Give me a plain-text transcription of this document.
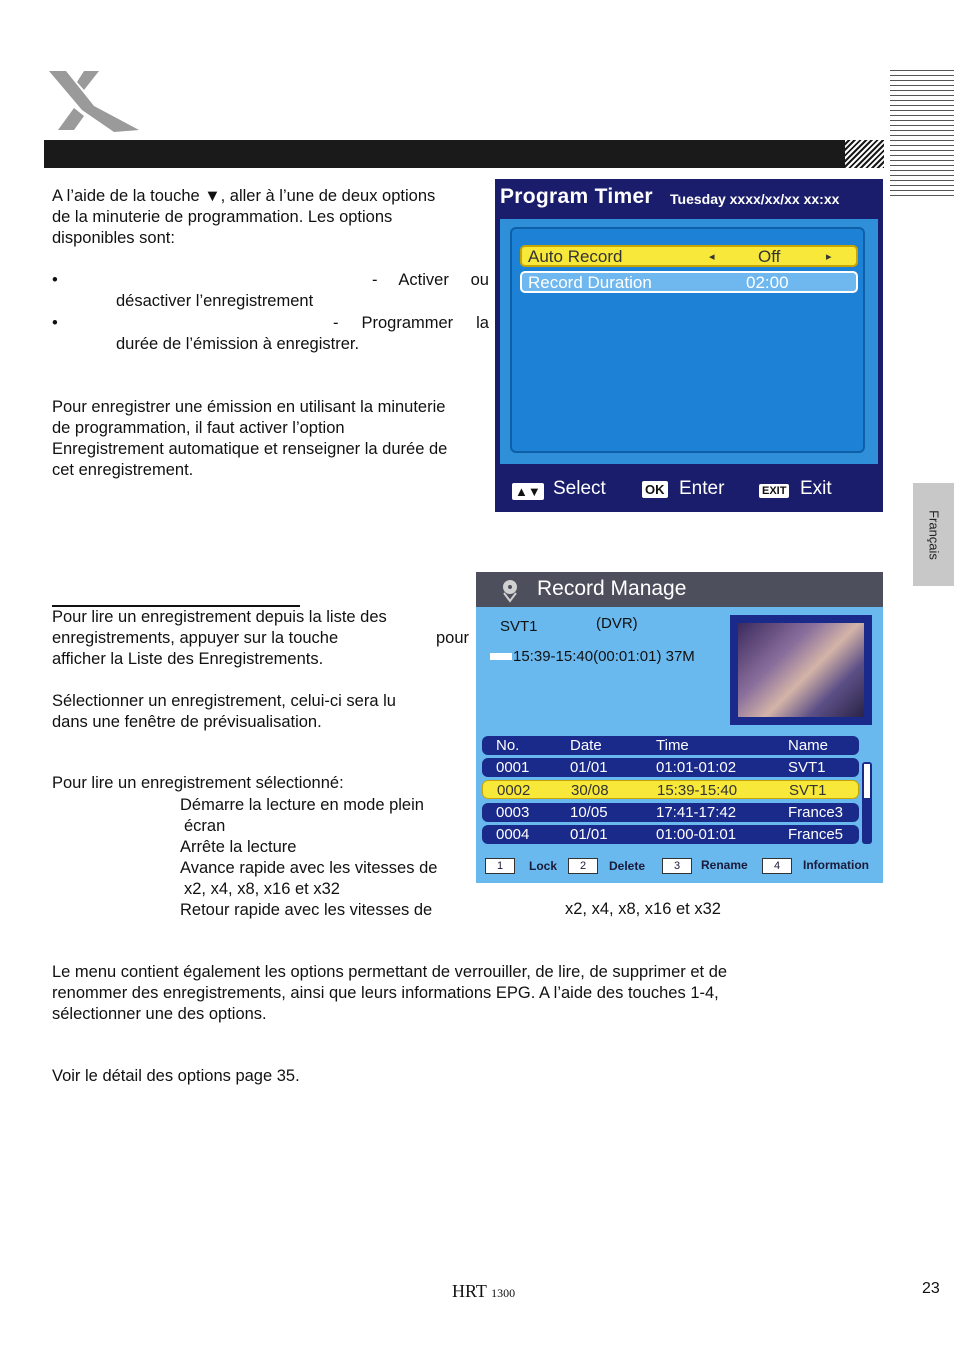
Français

A l’aide de la touche ▼, aller à l’une de deux options

de la minuterie de programmation. Les options

disponibles sont:

•	- Activer ou
désactiver l’enregistrement
•	- Programmer la
durée de l’émission à enregistrer.

Pour enregistrer une émission en utilisant la minuterie

de programmation, il faut activer l’option

Enregistrement automatique et renseigner la durée de

cet enregistrement.

Program Timer Tuesday xxxx/xx/xx xx:xx
Auto Record	◂	Off	▸
Record Duration	02:00
▲▼ Select	OK Enter	EXIT Exit

Pour lire un enregistrement depuis la liste des

enregistrements, appuyer sur la touche	pour

afficher la Liste des Enregistrements.

Sélectionner un enregistrement, celui-ci sera lu

dans une fenêtre de prévisualisation.

Pour lire un enregistrement sélectionné:
Démarre la lecture en mode plein
écran
Arrête la lecture
Avance rapide avec les vitesses de
x2, x4, x8, x16 et x32
Retour rapide avec les vitesses de	x2, x4, x8, x16 et x32
Record Manage
SVT1	(DVR)
15:39-15:40(00:01:01) 37M
No.	Date	Time	Name
0001	01/01	01:01-01:02	SVT1
0002	30/08	15:39-15:40	SVT1
0003	10/05	17:41-17:42	France3
0004	01/01	01:00-01:01	France5
1	Lock	2	Delete	3	Rename	4	Information

Le menu contient également les options permettant de verrouiller, de lire, de supprimer et de

renommer des enregistrements, ainsi que leurs informations EPG. A l’aide des touches 1-4,

sélectionner une des options.

Voir le détail des options page 35.
HRT 1300	23
